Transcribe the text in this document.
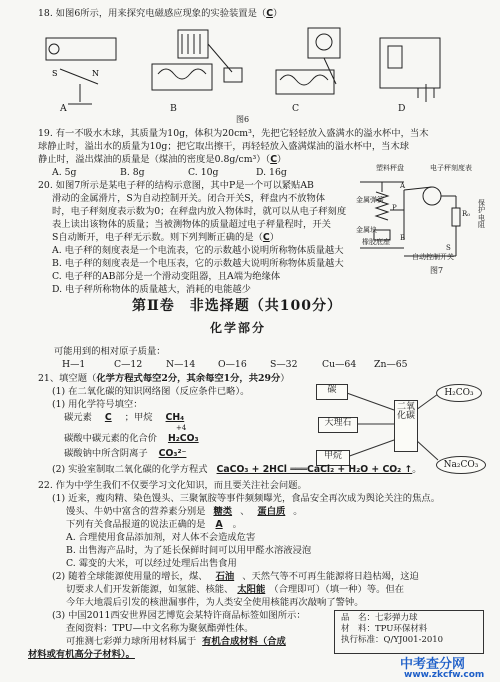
18. 如图6所示，用来探究电磁感应现象的实验装置是（C）
S	N
A	B	C	D
图6
19. 有一不吸水木球，其质量为10g，体积为20cm³，先把它轻轻放入盛满水的溢水杯中，当木
球静止时，溢出水的质量为10g；把它取出擦干，再轻轻放入盛满煤油的溢水杯中，当木球
静止时，溢出煤油的质量是（煤油的密度是0.8g/cm³）（C）
A. 5g	B. 8g	C. 10g	D. 16g
20. 如图7所示是某电子秤的结构示意图，其中P是一个可以紧贴AB
滑动的金属滑片，S为自动控制开关。闭合开关S，秤盘内不放物体
时，电子秤刻度表示数为0；在秤盘内放入物体时，就可以从电子秤刻度
表上读出该物体的质量；当被测物体的质量超过电子秤量程时，开关
S自动断开，电子秤无示数。则下列判断正确的是（C）
A. 电子秤的刻度表是一个电流表，它的示数越小说明所称物体质量越大
B. 电子秤的刻度表是一个电压表，它的示数越大说明所称物体质量越大
C. 电子秤的AB部分是一个滑动变阻器，且A端为绝缘体
D. 电子秤所称物体的质量越大，消耗的电能越少
塑料秤盘	电子秤刻度表
金属弹簧
金属块
橡胶底座
自动控制开关
R₀
保护电阻
A
B
P
S
图7
第Ⅱ卷　非选择题（共100分）
化学部分
可能用到的相对原子质量：
H—1	C—12	N—14 O—16	S—32	Cu—64 Zn—65
21、填空题（化学方程式每空2分，其余每空1分，共29分）
(1) 在二氧化碳的知识网络图（反应条件已略）。
(1) 用化学符号填空：
碳元素 C ；甲烷 CH₄
+4
碳酸中碳元素的化合价 H₂CO₃
碳酸钠中所含阴离子 CO₃²⁻
碳
大理石
甲烷
二氧化碳
H₂CO₃
Na₂CO₃
(2) 实验室制取二氧化碳的化学方程式 CaCO₃ + 2HCl ═══CaCl₂ + H₂O + CO₂ ↑。
22. 作为中学生我们不仅要学习文化知识，而且要关注社会问题。
(1) 近来，瘦肉精、染色馒头、三聚氰胺等事件频频曝光，食品安全再次成为舆论关注的焦点。
馒头、牛奶中富含的营养素分别是 糖类 、 蛋白质 。
下列有关食品报道的说法正确的是 A 。
A. 合理使用食品添加剂，对人体不会造成危害
B. 出售海产品时，为了延长保鲜时间可以用甲醛水溶液浸泡
C. 霉变的大米，可以经过处理后出售食用
(2) 随着全球能源使用量的增长，煤、 石油 、天然气等不可再生能源将日趋枯竭，这迫
切要求人们开发新能源，如氢能、核能、 太阳能 （合理即可）（填一种）等。但在
今年大地震后引发的核泄漏事件，为人类安全使用核能再次敲响了警钟。
(3) 中国2011西安世界园艺博览会某特许商品标签如图所示：
查阅资料：TPU—中文名称为聚氨酯弹性体。
可推测七彩弹力球所用材料属于 有机合成材料（合成
材料或有机高分子材料）。
品　名：七彩弹力球
材　料：TPU环保材料
执行标准：Q/YJ001-2010
中考查分网
www.zkcfw.com
